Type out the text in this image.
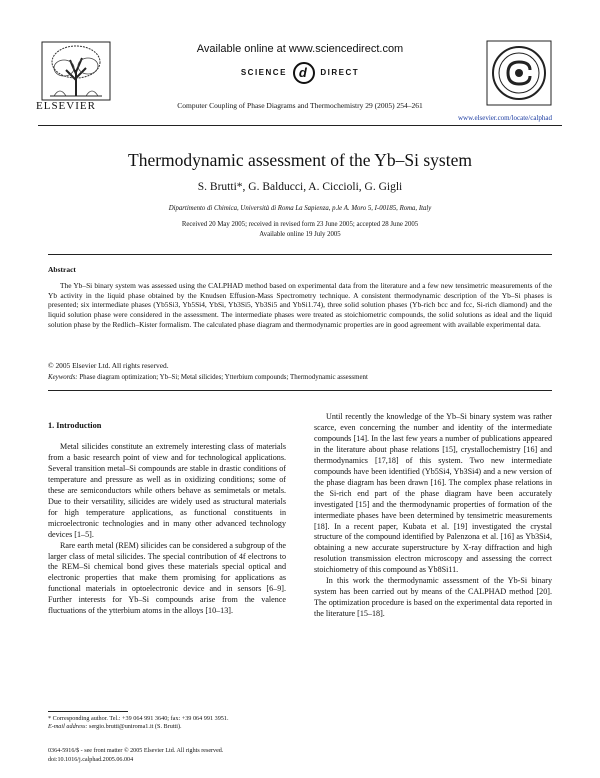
ELSEVIER
Available online at www.sciencedirect.com
SCIENCE d DIRECT
Computer Coupling of Phase Diagrams and Thermochemistry 29 (2005) 254–261
www.elsevier.com/locate/calphad
Thermodynamic assessment of the Yb–Si system
S. Brutti*, G. Balducci, A. Ciccioli, G. Gigli
Dipartimento di Chimica, Università di Roma La Sapienza, p.le A. Moro 5, I-00185, Roma, Italy
Received 20 May 2005; received in revised form 23 June 2005; accepted 28 June 2005
Available online 19 July 2005
Abstract
The Yb–Si binary system was assessed using the CALPHAD method based on experimental data from the literature and a few new tensimetric measurements of the Yb activity in the liquid phase obtained by the Knudsen Effusion-Mass Spectrometry technique. A consistent thermodynamic description of the Yb–Si phases is presented; six intermediate phases (Yb5Si3, Yb5Si4, YbSi, Yb3Si5, Yb3Si5 and YbSi1.74), three solid solution phases (Yb-rich bcc and fcc, Si-rich diamond) and the liquid solution phase were considered in the assessment. The intermediate phases were treated as stoichiometric compounds, the solid solutions as ideal and the liquid solution phase by the Redlich–Kister formalism. The calculated phase diagram and thermodynamic properties are in good agreement with available experimental data.
© 2005 Elsevier Ltd. All rights reserved.
Keywords: Phase diagram optimization; Yb–Si; Metal silicides; Ytterbium compounds; Thermodynamic assessment
1. Introduction

Metal silicides constitute an extremely interesting class of materials from a basic research point of view and for technological applications. Several transition metal–Si compounds are stable in drastic conditions of temperature and pressure as well as in oxidizing conditions; some of these are semiconductors while others behave as semimetals or metals. Due to their versatility, silicides are widely used as structural materials for high temperature applications, as functional constituents in microelectronic technologies and in many other advanced technology devices [1–5].

Rare earth metal (REM) silicides can be considered a subgroup of the larger class of metal silicides. The special contribution of 4f electrons to the REM–Si chemical bond gives these materials special optical and electronic properties that make them promising for applications as functional materials in optoelectronic device and in sensors [6–9]. Further interests for Yb–Si compounds arise from the valence fluctuations of the ytterbium atoms in the alloys [10–13].

Until recently the knowledge of the Yb–Si binary system was rather scarce, even concerning the number and identity of the intermediate compounds [14]. In the last few years a number of publications appeared in the literature about phase relations [15], crystallochemistry [16] and thermodynamics [17,18] of this system. Two new intermediate compounds have been identified (Yb5Si4, Yb3Si4) and a new version of the phase diagram has been drawn [16]. The complex phase relations in the Si-rich end part of the phase diagram have been accurately investigated [15] and the thermodynamic properties of formation of the intermediate phases have been determined by tensimetric measurements [18]. In a recent paper, Kubata et al. [19] investigated the crystal structure of the compound identified by Palenzona et al. [16] as Yb3Si4, obtaining a new accurate superstructure by X-ray diffraction and high resolution transmission electron microscopy and assessing the correct stoichiometry of this compound as Yb8Si11.

In this work the thermodynamic assessment of the Yb-Si binary system has been carried out by means of the CALPHAD method [20]. The optimization procedure is based on the experimental data reported in the literature [15–18].

* Corresponding author. Tel.: +39 064 991 3640; fax: +39 064 991 3951.
E-mail address: sergio.brutti@uniroma1.it (S. Brutti).
0364-5916/$ - see front matter © 2005 Elsevier Ltd. All rights reserved.
doi:10.1016/j.calphad.2005.06.004
